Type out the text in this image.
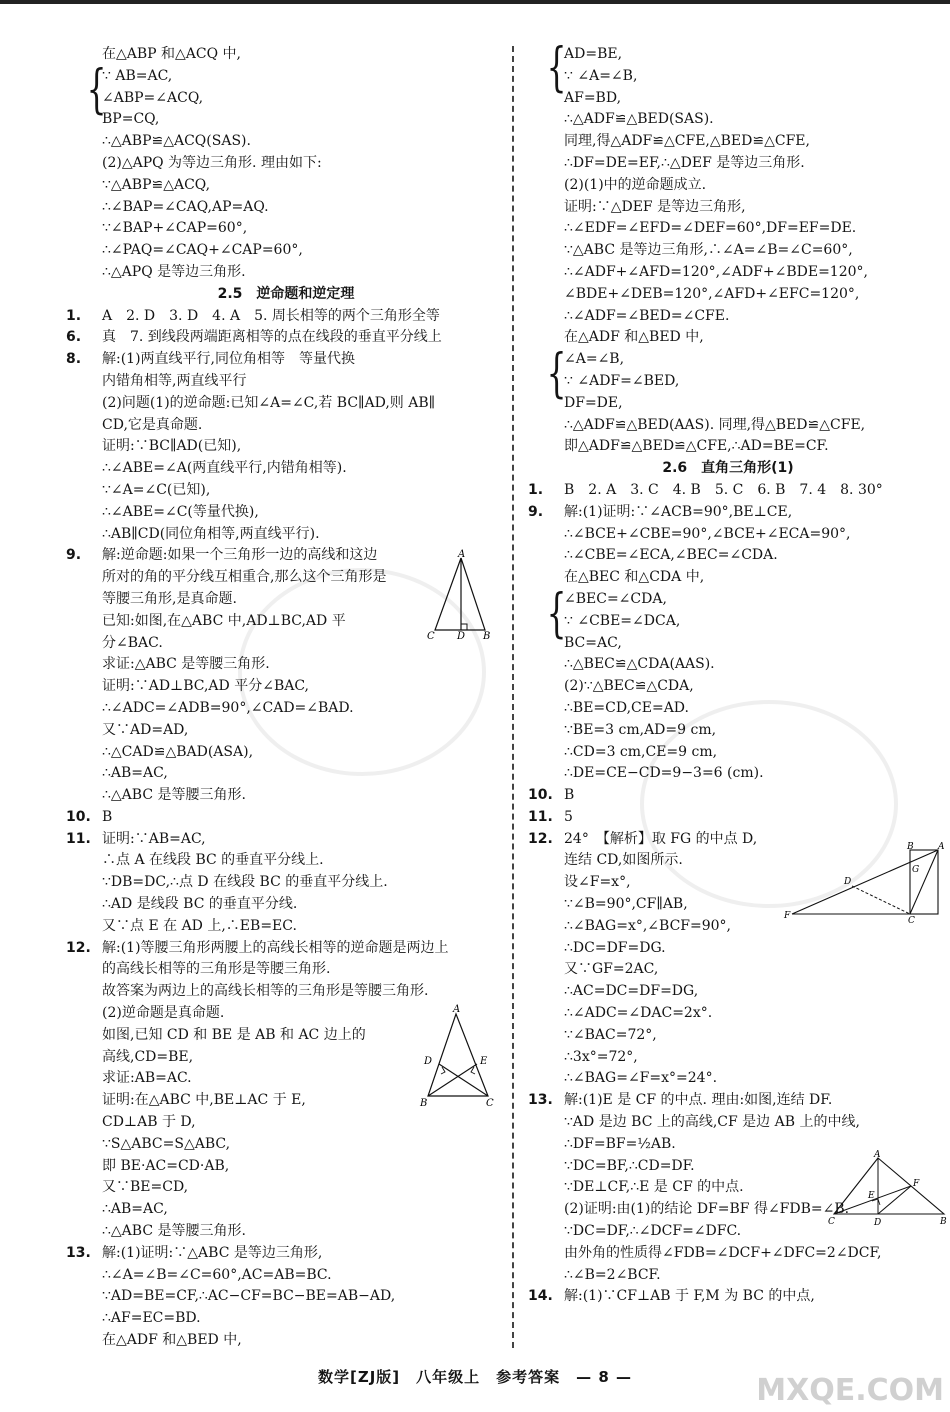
在△ABP 和△ACQ 中,
∵ AB=AC,
∠ABP=∠ACQ,
BP=CQ,
∴△ABP≌△ACQ(SAS).
(2)△APQ 为等边三角形. 理由如下:
∵△ABP≌△ACQ,
∴∠BAP=∠CAQ,AP=AQ.
∵∠BAP+∠CAP=60°,
∴∠PAQ=∠CAQ+∠CAP=60°,
∴△APQ 是等边三角形.
2.5　逆命题和逆定理
1. A　2. D　3. D　4. A　5. 周长相等的两个三角形全等
6. 真　7. 到线段两端距离相等的点在线段的垂直平分线上
8. 解:(1)两直线平行,同位角相等　等量代换
内错角相等,两直线平行
(2)问题(1)的逆命题:已知∠A=∠C,若 BC∥AD,则 AB∥
CD,它是真命题.
证明:∵BC∥AD(已知),
∴∠ABE=∠A(两直线平行,内错角相等).
∵∠A=∠C(已知),
∴∠ABE=∠C(等量代换),
∴AB∥CD(同位角相等,两直线平行).
9. 解:逆命题:如果一个三角形一边的高线和这边
所对的角的平分线互相重合,那么这个三角形是
等腰三角形,是真命题.
已知:如图,在△ABC 中,AD⊥BC,AD 平
分∠BAC.
求证:△ABC 是等腰三角形.
证明:∵AD⊥BC,AD 平分∠BAC,
∴∠ADC=∠ADB=90°,∠CAD=∠BAD.
又∵AD=AD,
∴△CAD≌△BAD(ASA),
∴AB=AC,
∴△ABC 是等腰三角形.
10. B
11. 证明:∵AB=AC,
∴点 A 在线段 BC 的垂直平分线上.
∵DB=DC,∴点 D 在线段 BC 的垂直平分线上.
∴AD 是线段 BC 的垂直平分线.
又∵点 E 在 AD 上,∴EB=EC.
12. 解:(1)等腰三角形两腰上的高线长相等的逆命题是两边上
的高线长相等的三角形是等腰三角形.
故答案为两边上的高线长相等的三角形是等腰三角形.
(2)逆命题是真命题.
如图,已知 CD 和 BE 是 AB 和 AC 边上的
高线,CD=BE,
求证:AB=AC.
证明:在△ABC 中,BE⊥AC 于 E,
CD⊥AB 于 D,
∵S△ABC=S△ABC,
即 BE·AC=CD·AB,
又∵BE=CD,
∴AB=AC,
∴△ABC 是等腰三角形.
13. 解:(1)证明:∵△ABC 是等边三角形,
∴∠A=∠B=∠C=60°,AC=AB=BC.
∵AD=BE=CF,∴AC−CF=BC−BE=AB−AD,
∴AF=EC=BD.
在△ADF 和△BED 中,
AD=BE,
∵ ∠A=∠B,
AF=BD,
∴△ADF≌△BED(SAS).
同理,得△ADF≌△CFE,△BED≌△CFE,
∴DF=DE=EF,∴△DEF 是等边三角形.
(2)(1)中的逆命题成立.
证明:∵△DEF 是等边三角形,
∴∠EDF=∠EFD=∠DEF=60°,DF=EF=DE.
∵△ABC 是等边三角形,∴∠A=∠B=∠C=60°,
∴∠ADF+∠AFD=120°,∠ADF+∠BDE=120°,
∠BDE+∠DEB=120°,∠AFD+∠EFC=120°,
∴∠ADF=∠BED=∠CFE.
在△ADF 和△BED 中,
∠A=∠B,
∵ ∠ADF=∠BED,
DF=DE,
∴△ADF≌△BED(AAS). 同理,得△BED≌△CFE,
即△ADF≌△BED≌△CFE,∴AD=BE=CF.
2.6　直角三角形(1)
1. B　2. A　3. C　4. B　5. C　6. B　7. 4　8. 30°
9. 解:(1)证明:∵∠ACB=90°,BE⊥CE,
∴∠BCE+∠CBE=90°,∠BCE+∠ECA=90°,
∴∠CBE=∠ECA,∠BEC=∠CDA.
在△BEC 和△CDA 中,
∠BEC=∠CDA,
∵ ∠CBE=∠DCA,
BC=AC,
∴△BEC≌△CDA(AAS).
(2)∵△BEC≌△CDA,
∴BE=CD,CE=AD.
∵BE=3 cm,AD=9 cm,
∴CD=3 cm,CE=9 cm,
∴DE=CE−CD=9−3=6 (cm).
10. B
11. 5
12. 24°　【解析】取 FG 的中点 D,
连结 CD,如图所示.
设∠F=x°,
∵∠B=90°,CF∥AB,
∴∠BAG=x°,∠BCF=90°,
∴DC=DF=DG.
又∵GF=2AC,
∴AC=DC=DF=DG,
∴∠ADC=∠DAC=2x°.
∵∠BAC=72°,
∴3x°=72°,
∴∠BAG=∠F=x°=24°.
13. 解:(1)E 是 CF 的中点. 理由:如图,连结 DF.
∵AD 是边 BC 上的高线,CF 是边 AB 上的中线,
∴DF=BF=½AB.
∵DC=BF,∴CD=DF.
∵DE⊥CF,∴E 是 CF 的中点.
(2)证明:由(1)的结论 DF=BF 得∠FDB=∠B.
∵DC=DF,∴∠DCF=∠DFC.
由外角的性质得∠FDB=∠DCF+∠DFC=2∠DCF,
∴∠B=2∠BCF.
14. 解:(1)∵CF⊥AB 于 F,M 为 BC 的中点,
{	{
{
{
A
C D B
A
D	E
B	C
B	A
G
D
F	C
A
F
E
C	D	B
数学[ZJ版]　八年级上　参考答案　— 8 —	MXQE.COM
